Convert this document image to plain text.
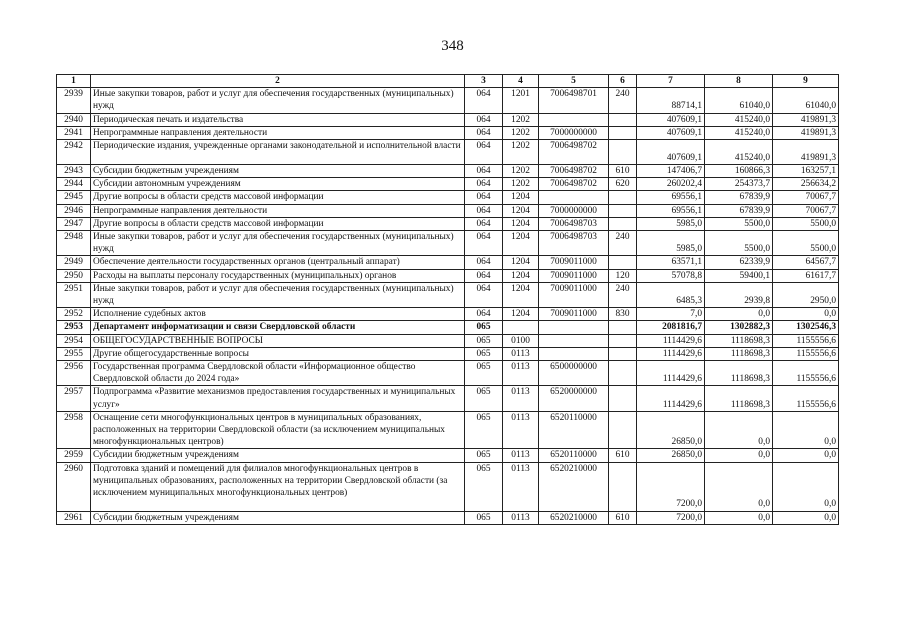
348
1	2	3	4	5	6	7	8	9
2939	Иные закупки товаров, работ и услуг для обеспечения государственных (муниципальных) нужд	064	1201	7006498701	240	88714,1	61040,0	61040,0
2940	Периодическая печать и издательства	064	1202			407609,1	415240,0	419891,3
2941	Непрограммные направления деятельности	064	1202	7000000000		407609,1	415240,0	419891,3
2942	Периодические издания, учрежденные органами законодательной и исполнительной власти	064	1202	7006498702		407609,1	415240,0	419891,3
2943	Субсидии бюджетным учреждениям	064	1202	7006498702	610	147406,7	160866,3	163257,1
2944	Субсидии автономным учреждениям	064	1202	7006498702	620	260202,4	254373,7	256634,2
2945	Другие вопросы в области средств массовой информации	064	1204			69556,1	67839,9	70067,7
2946	Непрограммные направления деятельности	064	1204	7000000000		69556,1	67839,9	70067,7
2947	Другие вопросы в области средств массовой информации	064	1204	7006498703		5985,0	5500,0	5500,0
2948	Иные закупки товаров, работ и услуг для обеспечения государственных (муниципальных) нужд	064	1204	7006498703	240	5985,0	5500,0	5500,0
2949	Обеспечение деятельности государственных органов (центральный аппарат)	064	1204	7009011000		63571,1	62339,9	64567,7
2950	Расходы на выплаты персоналу государственных (муниципальных) органов	064	1204	7009011000	120	57078,8	59400,1	61617,7
2951	Иные закупки товаров, работ и услуг для обеспечения государственных (муниципальных) нужд	064	1204	7009011000	240	6485,3	2939,8	2950,0
2952	Исполнение судебных актов	064	1204	7009011000	830	7,0	0,0	0,0
2953	Департамент информатизации и связи Свердловской области	065				2081816,7	1302882,3	1302546,3
2954	ОБЩЕГОСУДАРСТВЕННЫЕ ВОПРОСЫ	065	0100			1114429,6	1118698,3	1155556,6
2955	Другие общегосударственные вопросы	065	0113			1114429,6	1118698,3	1155556,6
2956	Государственная программа Свердловской области «Информационное общество Свердловской области до 2024 года»	065	0113	6500000000		1114429,6	1118698,3	1155556,6
2957	Подпрограмма «Развитие механизмов предоставления государственных и муниципальных услуг»	065	0113	6520000000		1114429,6	1118698,3	1155556,6
2958	Оснащение сети многофункциональных центров в муниципальных образованиях, расположенных на территории Свердловской области (за исключением муниципальных многофункциональных центров)	065	0113	6520110000		26850,0	0,0	0,0
2959	Субсидии бюджетным учреждениям	065	0113	6520110000	610	26850,0	0,0	0,0
2960	Подготовка зданий и помещений для филиалов многофункциональных центров в муниципальных образованиях, расположенных на территории Свердловской области (за исключением муниципальных многофункциональных центров)	065	0113	6520210000		7200,0	0,0	0,0
2961	Субсидии бюджетным учреждениям	065	0113	6520210000	610	7200,0	0,0	0,0
